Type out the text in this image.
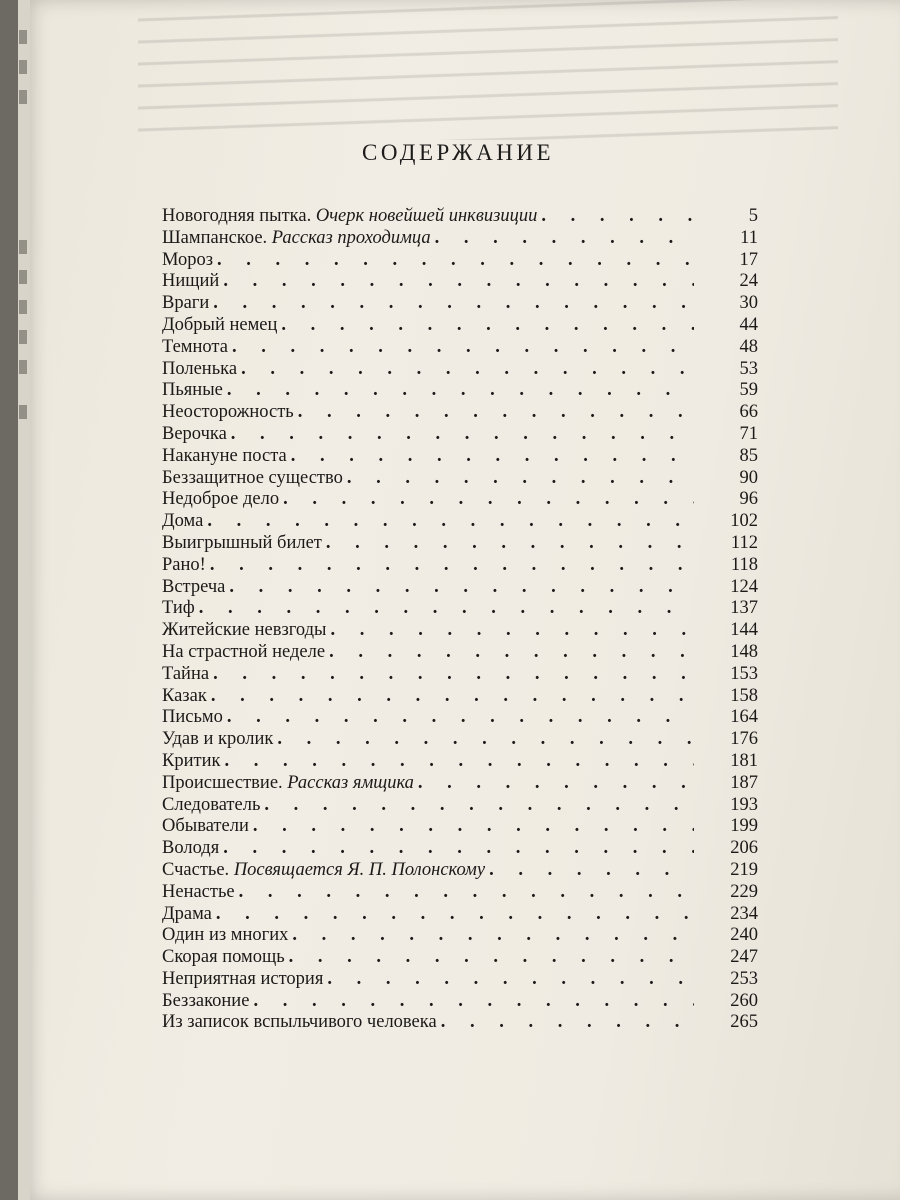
СОДЕРЖАНИЕ
Новогодняя пытка. Очерк новейшей инквизиции . . .	5
Шампанское. Рассказ проходимца . . .	11
Мороз . . .	17
Нищий . . .	24
Враги . . .	30
Добрый немец . . .	44
Темнота . . .	48
Поленька . . .	53
Пьяные . . .	59
Неосторожность . . .	66
Верочка . . .	71
Накануне поста . . .	85
Беззащитное существо . . .	90
Недоброе дело . . .	96
Дома . . .	102
Выигрышный билет . . .	112
Рано! . . .	118
Встреча . . .	124
Тиф . . .	137
Житейские невзгоды . . .	144
На страстной неделе . . .	148
Тайна . . .	153
Казак . . .	158
Письмо . . .	164
Удав и кролик . . .	176
Критик . . .	181
Происшествие. Рассказ ямщика . . .	187
Следователь . . .	193
Обыватели . . .	199
Володя . . .	206
Счастье. Посвящается Я. П. Полонскому . . .	219
Ненастье . . .	229
Драма . . .	234
Один из многих . . .	240
Скорая помощь . . .	247
Неприятная история . . .	253
Беззаконие . . .	260
Из записок вспыльчивого человека . . .	265
